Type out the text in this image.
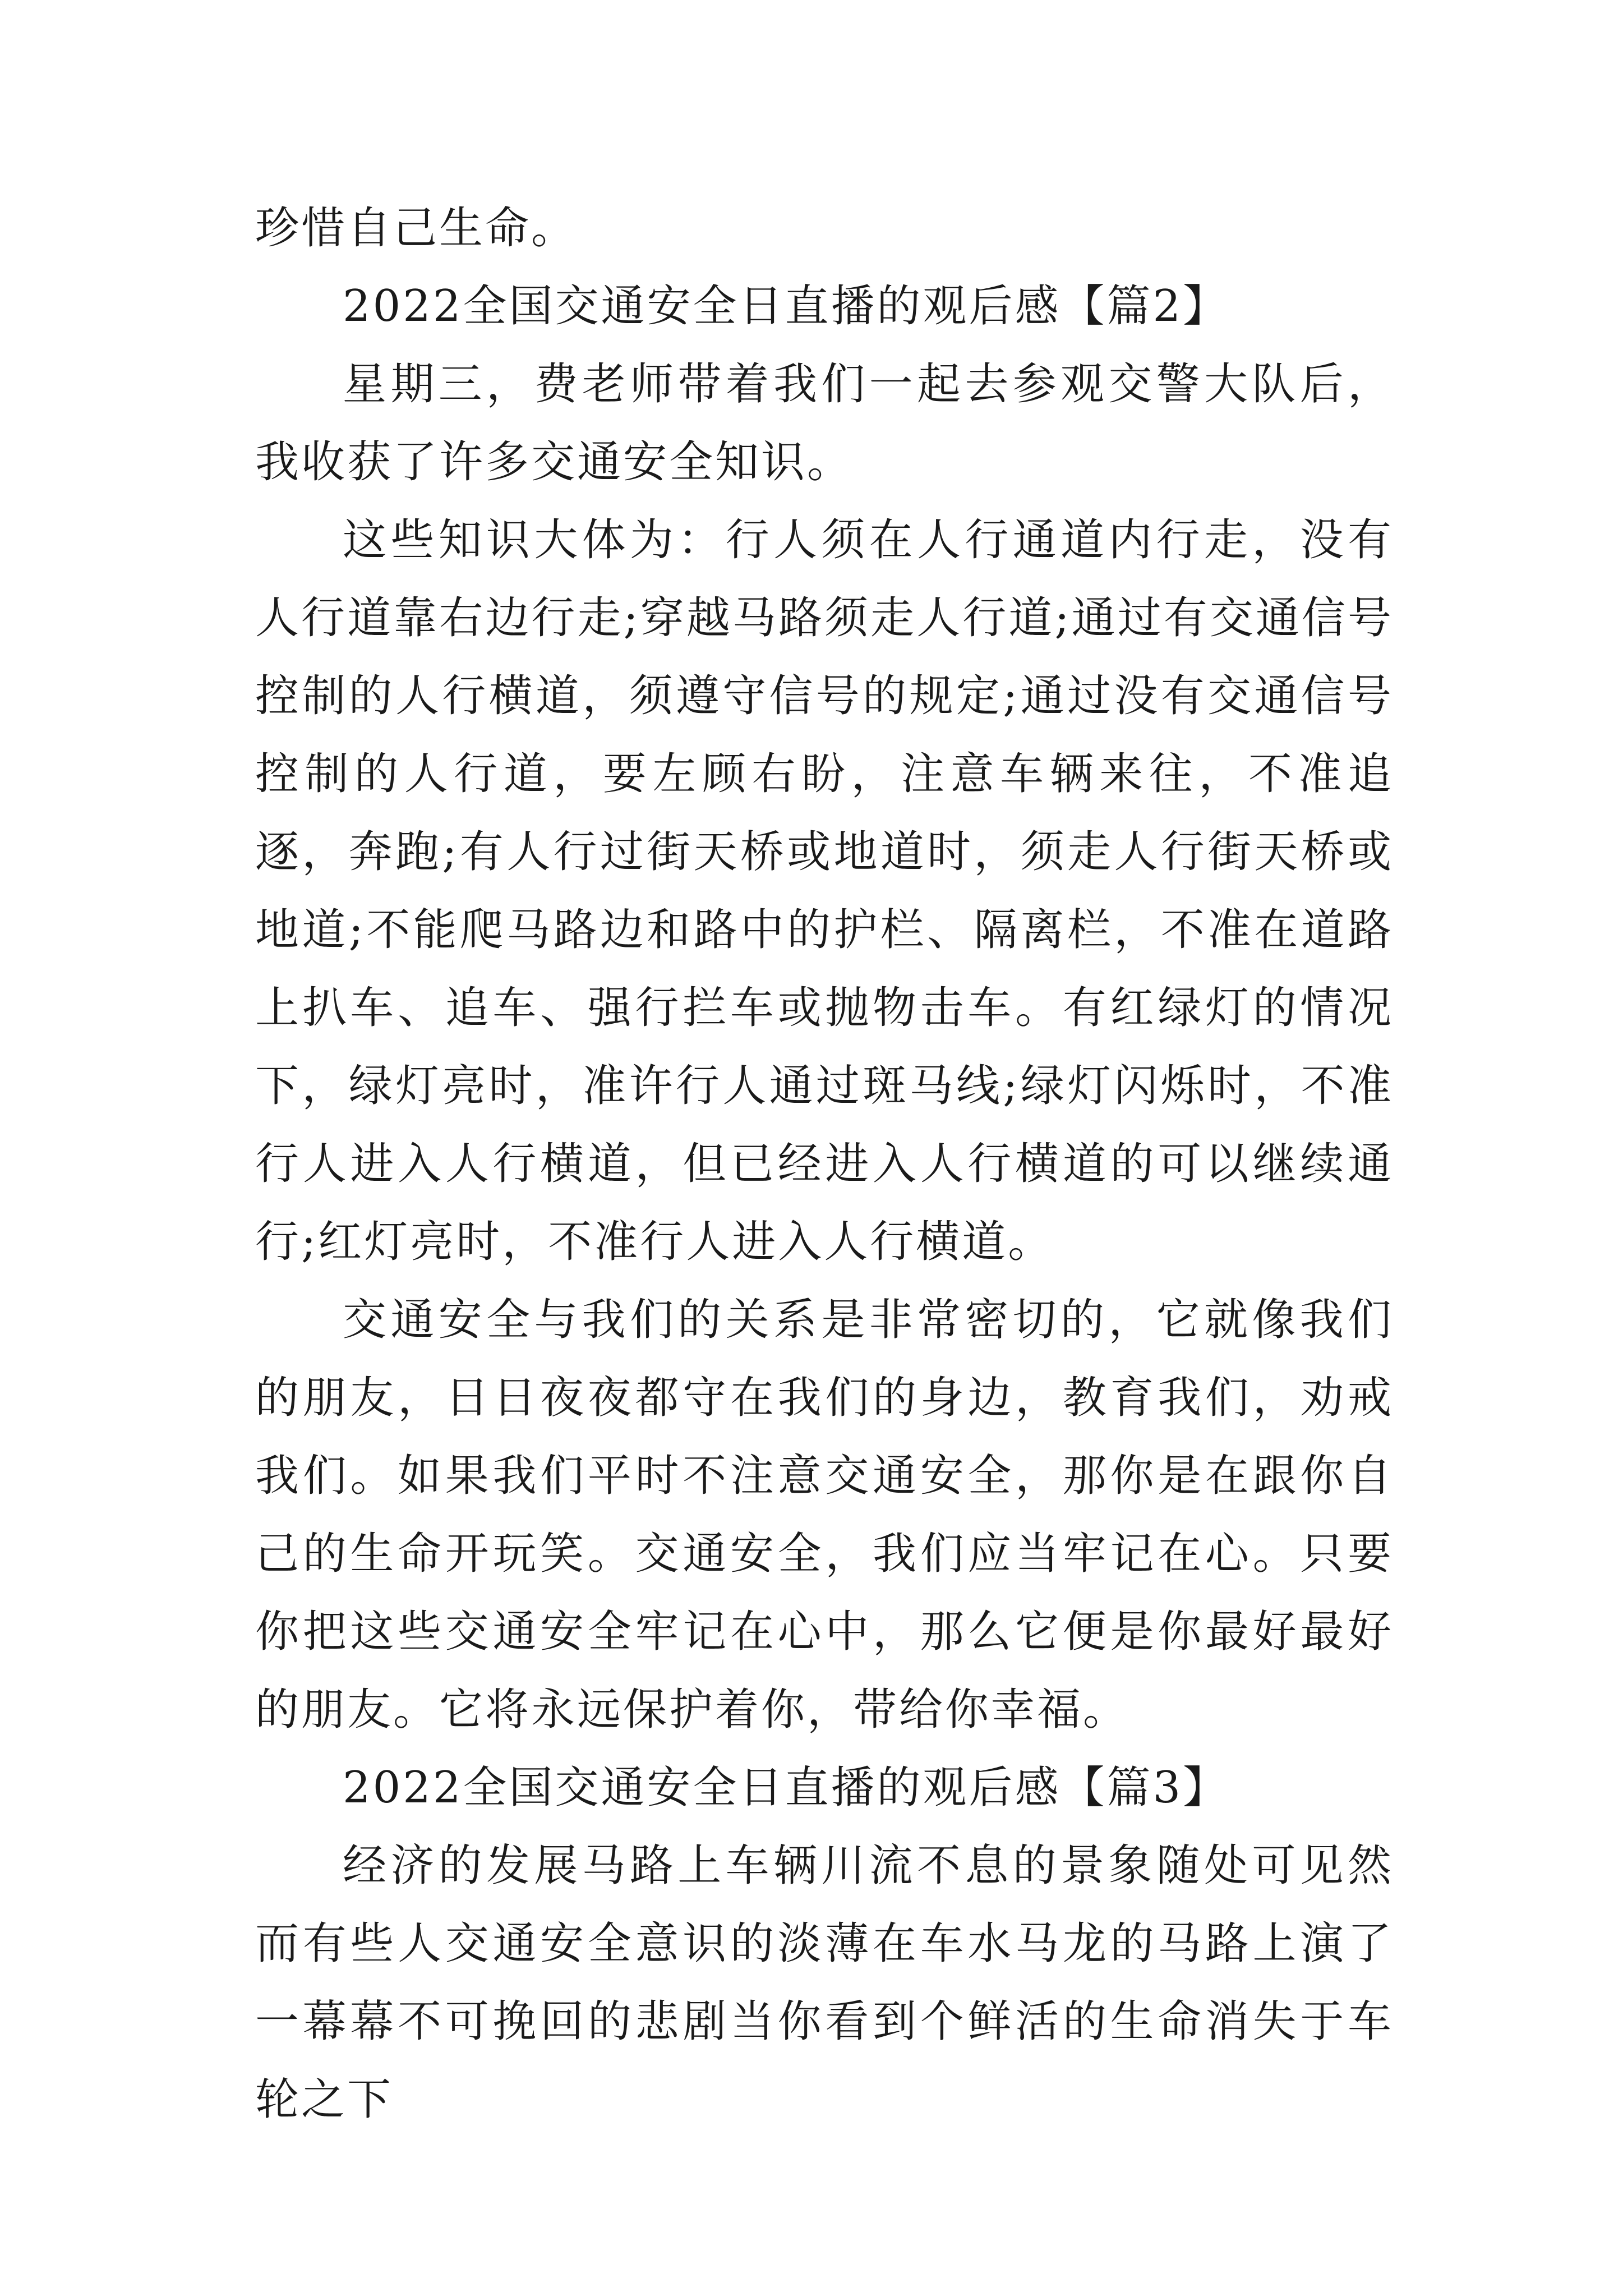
珍惜自己生命。

2022全国交通安全日直播的观后感【篇2】

星期三，费老师带着我们一起去参观交警大队后，我收获了许多交通安全知识。

这些知识大体为：行人须在人行通道内行走，没有人行道靠右边行走;穿越马路须走人行道;通过有交通信号控制的人行横道，须遵守信号的规定;通过没有交通信号控制的人行道，要左顾右盼，注意车辆来往，不准追逐，奔跑;有人行过街天桥或地道时，须走人行街天桥或地道;不能爬马路边和路中的护栏、隔离栏，不准在道路上扒车、追车、强行拦车或抛物击车。有红绿灯的情况下，绿灯亮时，准许行人通过斑马线;绿灯闪烁时，不准行人进入人行横道，但已经进入人行横道的可以继续通行;红灯亮时，不准行人进入人行横道。

交通安全与我们的关系是非常密切的，它就像我们的朋友，日日夜夜都守在我们的身边，教育我们，劝戒我们。如果我们平时不注意交通安全，那你是在跟你自己的生命开玩笑。交通安全，我们应当牢记在心。只要你把这些交通安全牢记在心中，那么它便是你最好最好的朋友。它将永远保护着你，带给你幸福。

2022全国交通安全日直播的观后感【篇3】

经济的发展马路上车辆川流不息的景象随处可见然而有些人交通安全意识的淡薄在车水马龙的马路上演了一幕幕不可挽回的悲剧当你看到个鲜活的生命消失于车轮之下
